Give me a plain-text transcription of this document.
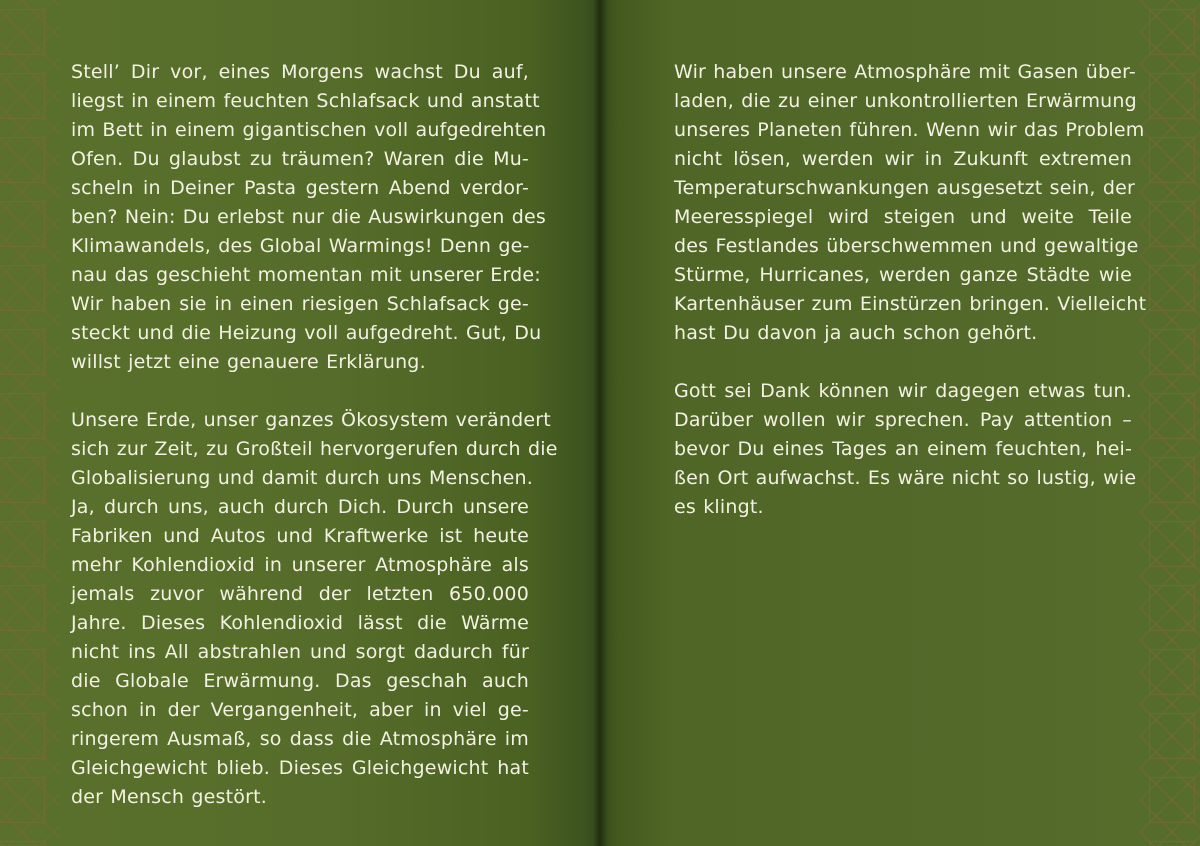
Stell’ Dir vor, eines Morgens wachst Du auf,
liegst in einem feuchten Schlafsack und anstatt
im Bett in einem gigantischen voll aufgedrehten
Ofen. Du glaubst zu träumen? Waren die Mu-
scheln in Deiner Pasta gestern Abend verdor-
ben? Nein: Du erlebst nur die Auswirkungen des
Klimawandels, des Global Warmings! Denn ge-
nau das geschieht momentan mit unserer Erde:
Wir haben sie in einen riesigen Schlafsack ge-
steckt und die Heizung voll aufgedreht. Gut, Du
willst jetzt eine genauere Erklärung.
Unsere Erde, unser ganzes Ökosystem verändert
sich zur Zeit, zu Großteil hervorgerufen durch die
Globalisierung und damit durch uns Menschen.
Ja, durch uns, auch durch Dich. Durch unsere
Fabriken und Autos und Kraftwerke ist heute
mehr Kohlendioxid in unserer Atmosphäre als
jemals zuvor während der letzten 650.000
Jahre. Dieses Kohlendioxid lässt die Wärme
nicht ins All abstrahlen und sorgt dadurch für
die Globale Erwärmung. Das geschah auch
schon in der Vergangenheit, aber in viel ge-
ringerem Ausmaß, so dass die Atmosphäre im
Gleichgewicht blieb. Dieses Gleichgewicht hat
der Mensch gestört.
Wir haben unsere Atmosphäre mit Gasen über-
laden, die zu einer unkontrollierten Erwärmung
unseres Planeten führen. Wenn wir das Problem
nicht lösen, werden wir in Zukunft extremen
Temperaturschwankungen ausgesetzt sein, der
Meeresspiegel wird steigen und weite Teile
des Festlandes überschwemmen und gewaltige
Stürme, Hurricanes, werden ganze Städte wie
Kartenhäuser zum Einstürzen bringen. Vielleicht
hast Du davon ja auch schon gehört.
Gott sei Dank können wir dagegen etwas tun.
Darüber wollen wir sprechen. Pay attention –
bevor Du eines Tages an einem feuchten, hei-
ßen Ort aufwachst. Es wäre nicht so lustig, wie
es klingt.
